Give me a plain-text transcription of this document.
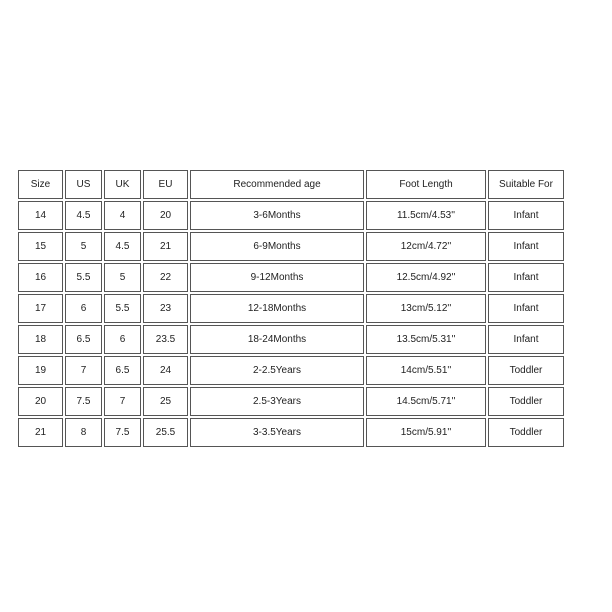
Size	US	UK	EU	Recommended age	Foot Length	Suitable For
14	4.5	4	20	3-6Months	11.5cm/4.53''	Infant
15	5	4.5	21	6-9Months	12cm/4.72''	Infant
16	5.5	5	22	9-12Months	12.5cm/4.92''	Infant
17	6	5.5	23	12-18Months	13cm/5.12''	Infant
18	6.5	6	23.5	18-24Months	13.5cm/5.31''	Infant
19	7	6.5	24	2-2.5Years	14cm/5.51''	Toddler
20	7.5	7	25	2.5-3Years	14.5cm/5.71''	Toddler
21	8	7.5	25.5	3-3.5Years	15cm/5.91''	Toddler
